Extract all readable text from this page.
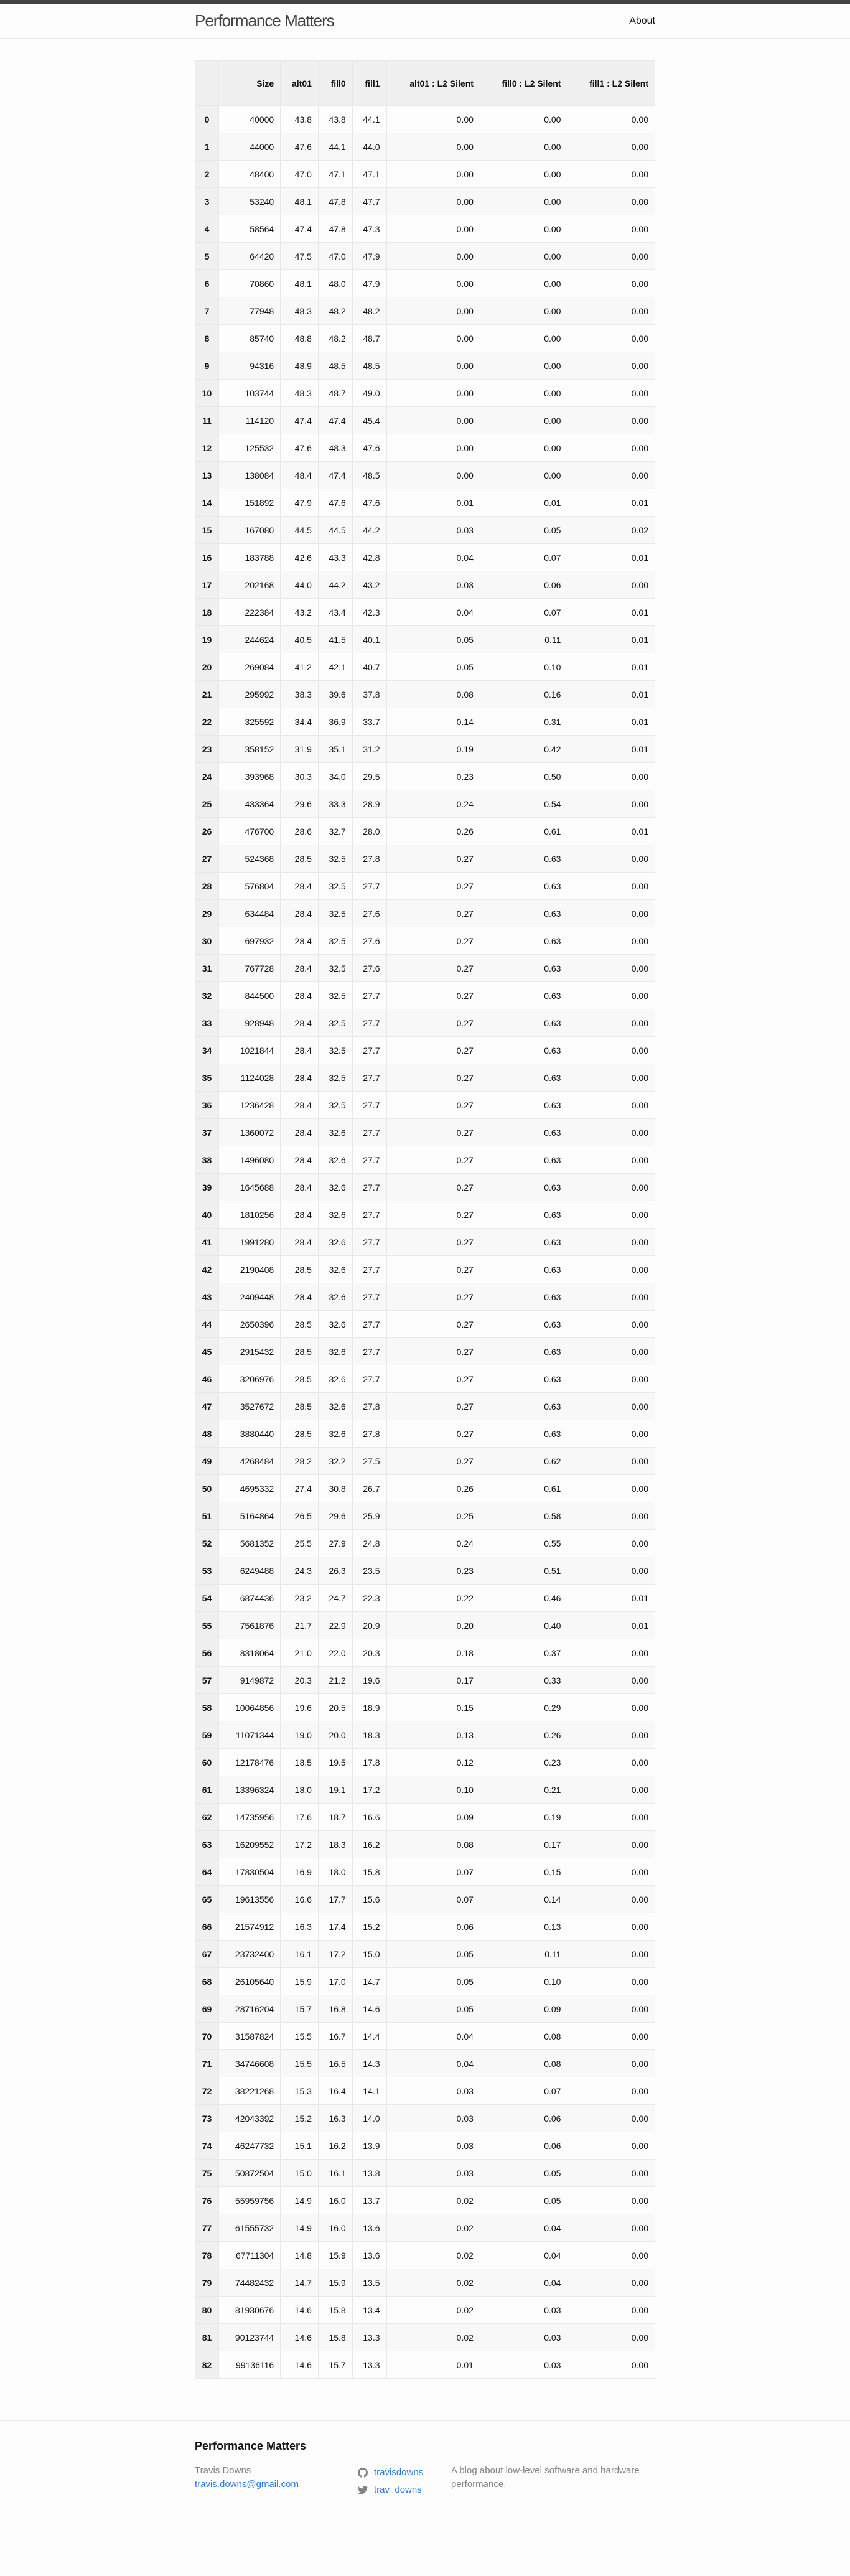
Performance Matters	About
	Size	alt01	fill0	fill1	alt01 : L2 Silent	fill0 : L2 Silent	fill1 : L2 Silent
0	40000	43.8	43.8	44.1	0.00	0.00	0.00
1	44000	47.6	44.1	44.0	0.00	0.00	0.00
2	48400	47.0	47.1	47.1	0.00	0.00	0.00
3	53240	48.1	47.8	47.7	0.00	0.00	0.00
4	58564	47.4	47.8	47.3	0.00	0.00	0.00
5	64420	47.5	47.0	47.9	0.00	0.00	0.00
6	70860	48.1	48.0	47.9	0.00	0.00	0.00
7	77948	48.3	48.2	48.2	0.00	0.00	0.00
8	85740	48.8	48.2	48.7	0.00	0.00	0.00
9	94316	48.9	48.5	48.5	0.00	0.00	0.00
10	103744	48.3	48.7	49.0	0.00	0.00	0.00
11	114120	47.4	47.4	45.4	0.00	0.00	0.00
12	125532	47.6	48.3	47.6	0.00	0.00	0.00
13	138084	48.4	47.4	48.5	0.00	0.00	0.00
14	151892	47.9	47.6	47.6	0.01	0.01	0.01
15	167080	44.5	44.5	44.2	0.03	0.05	0.02
16	183788	42.6	43.3	42.8	0.04	0.07	0.01
17	202168	44.0	44.2	43.2	0.03	0.06	0.00
18	222384	43.2	43.4	42.3	0.04	0.07	0.01
19	244624	40.5	41.5	40.1	0.05	0.11	0.01
20	269084	41.2	42.1	40.7	0.05	0.10	0.01
21	295992	38.3	39.6	37.8	0.08	0.16	0.01
22	325592	34.4	36.9	33.7	0.14	0.31	0.01
23	358152	31.9	35.1	31.2	0.19	0.42	0.01
24	393968	30.3	34.0	29.5	0.23	0.50	0.00
25	433364	29.6	33.3	28.9	0.24	0.54	0.00
26	476700	28.6	32.7	28.0	0.26	0.61	0.01
27	524368	28.5	32.5	27.8	0.27	0.63	0.00
28	576804	28.4	32.5	27.7	0.27	0.63	0.00
29	634484	28.4	32.5	27.6	0.27	0.63	0.00
30	697932	28.4	32.5	27.6	0.27	0.63	0.00
31	767728	28.4	32.5	27.6	0.27	0.63	0.00
32	844500	28.4	32.5	27.7	0.27	0.63	0.00
33	928948	28.4	32.5	27.7	0.27	0.63	0.00
34	1021844	28.4	32.5	27.7	0.27	0.63	0.00
35	1124028	28.4	32.5	27.7	0.27	0.63	0.00
36	1236428	28.4	32.5	27.7	0.27	0.63	0.00
37	1360072	28.4	32.6	27.7	0.27	0.63	0.00
38	1496080	28.4	32.6	27.7	0.27	0.63	0.00
39	1645688	28.4	32.6	27.7	0.27	0.63	0.00
40	1810256	28.4	32.6	27.7	0.27	0.63	0.00
41	1991280	28.4	32.6	27.7	0.27	0.63	0.00
42	2190408	28.5	32.6	27.7	0.27	0.63	0.00
43	2409448	28.4	32.6	27.7	0.27	0.63	0.00
44	2650396	28.5	32.6	27.7	0.27	0.63	0.00
45	2915432	28.5	32.6	27.7	0.27	0.63	0.00
46	3206976	28.5	32.6	27.7	0.27	0.63	0.00
47	3527672	28.5	32.6	27.8	0.27	0.63	0.00
48	3880440	28.5	32.6	27.8	0.27	0.63	0.00
49	4268484	28.2	32.2	27.5	0.27	0.62	0.00
50	4695332	27.4	30.8	26.7	0.26	0.61	0.00
51	5164864	26.5	29.6	25.9	0.25	0.58	0.00
52	5681352	25.5	27.9	24.8	0.24	0.55	0.00
53	6249488	24.3	26.3	23.5	0.23	0.51	0.00
54	6874436	23.2	24.7	22.3	0.22	0.46	0.01
55	7561876	21.7	22.9	20.9	0.20	0.40	0.01
56	8318064	21.0	22.0	20.3	0.18	0.37	0.00
57	9149872	20.3	21.2	19.6	0.17	0.33	0.00
58	10064856	19.6	20.5	18.9	0.15	0.29	0.00
59	11071344	19.0	20.0	18.3	0.13	0.26	0.00
60	12178476	18.5	19.5	17.8	0.12	0.23	0.00
61	13396324	18.0	19.1	17.2	0.10	0.21	0.00
62	14735956	17.6	18.7	16.6	0.09	0.19	0.00
63	16209552	17.2	18.3	16.2	0.08	0.17	0.00
64	17830504	16.9	18.0	15.8	0.07	0.15	0.00
65	19613556	16.6	17.7	15.6	0.07	0.14	0.00
66	21574912	16.3	17.4	15.2	0.06	0.13	0.00
67	23732400	16.1	17.2	15.0	0.05	0.11	0.00
68	26105640	15.9	17.0	14.7	0.05	0.10	0.00
69	28716204	15.7	16.8	14.6	0.05	0.09	0.00
70	31587824	15.5	16.7	14.4	0.04	0.08	0.00
71	34746608	15.5	16.5	14.3	0.04	0.08	0.00
72	38221268	15.3	16.4	14.1	0.03	0.07	0.00
73	42043392	15.2	16.3	14.0	0.03	0.06	0.00
74	46247732	15.1	16.2	13.9	0.03	0.06	0.00
75	50872504	15.0	16.1	13.8	0.03	0.05	0.00
76	55959756	14.9	16.0	13.7	0.02	0.05	0.00
77	61555732	14.9	16.0	13.6	0.02	0.04	0.00
78	67711304	14.8	15.9	13.6	0.02	0.04	0.00
79	74482432	14.7	15.9	13.5	0.02	0.04	0.00
80	81930676	14.6	15.8	13.4	0.02	0.03	0.00
81	90123744	14.6	15.8	13.3	0.02	0.03	0.00
82	99136116	14.6	15.7	13.3	0.01	0.03	0.00
Performance Matters
Travis Downs
travis.downs@gmail.com
travisdowns
trav_downs

A blog about low-level software and hardware performance.
